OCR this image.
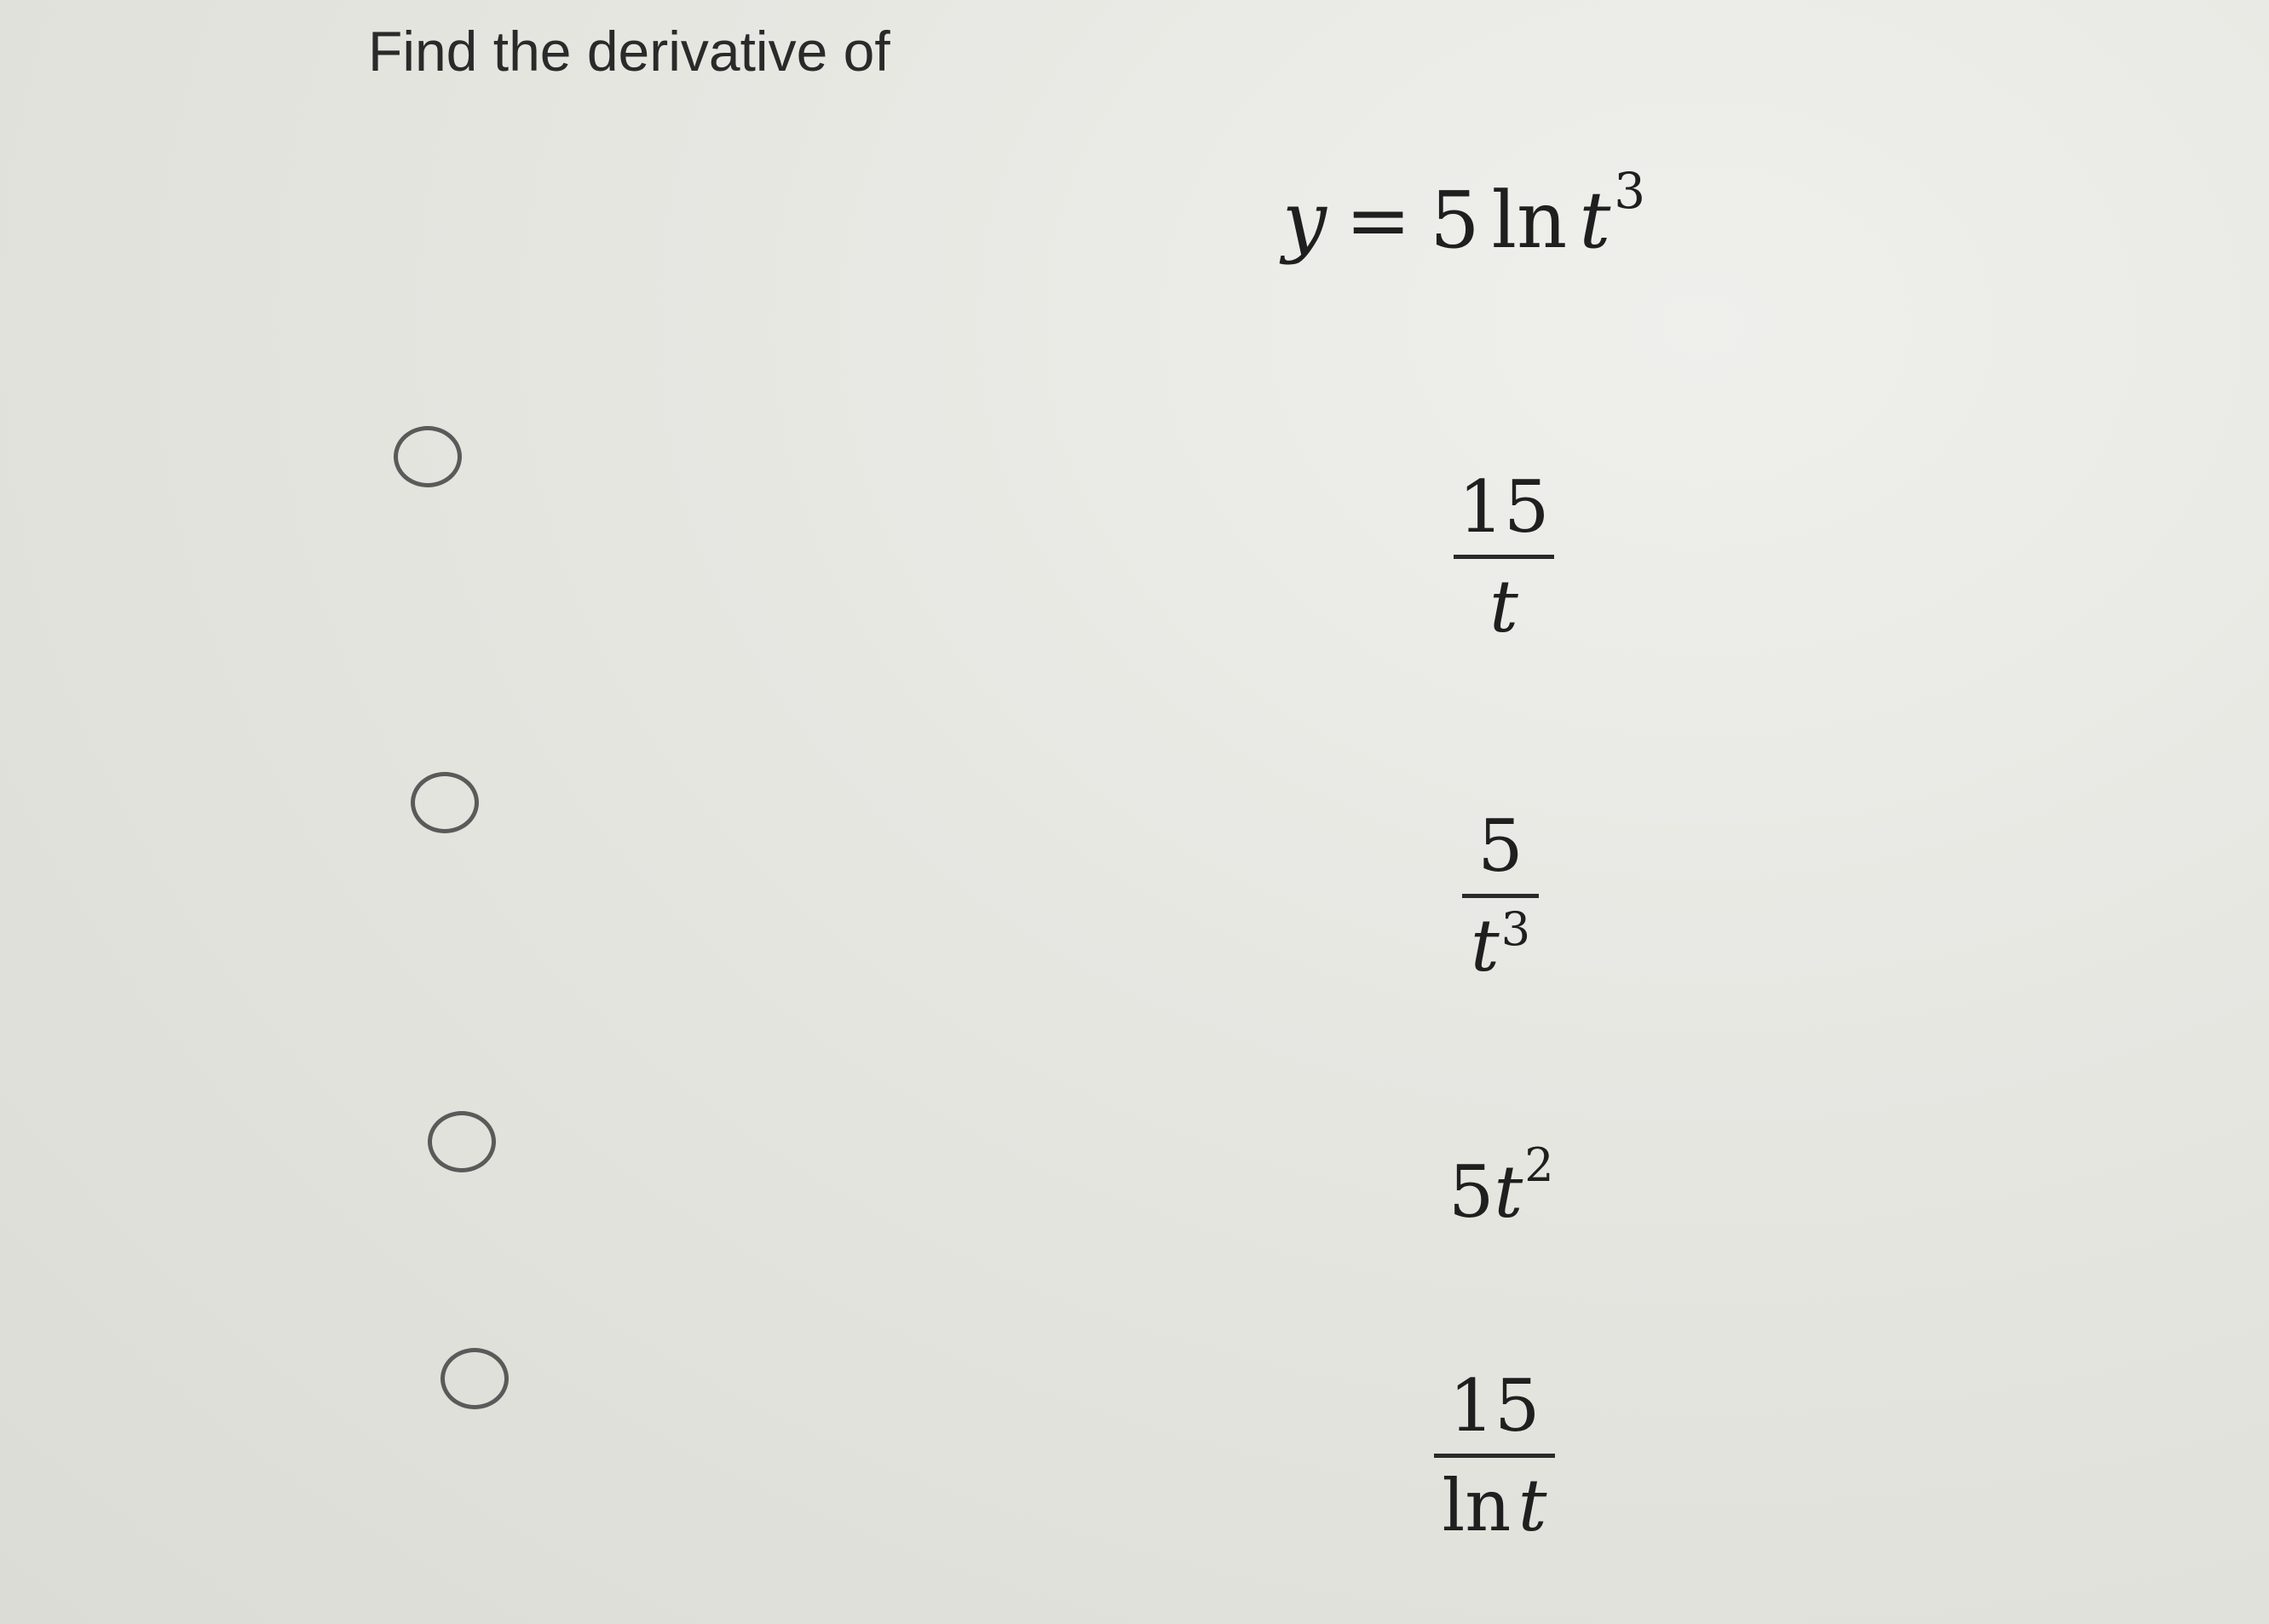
Find the derivative of
y = 5 $\ln t^3$
15
t
5
$t^3$
$5t^2$
15
ln t
